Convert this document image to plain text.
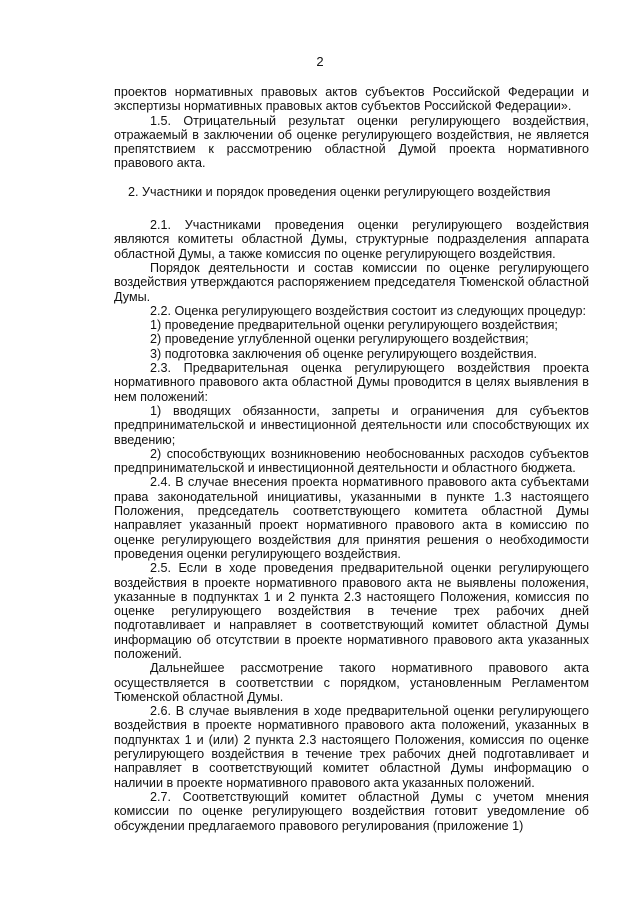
2

проектов нормативных правовых актов субъектов Российской Федерации и экспертизы нормативных правовых актов субъектов Российской Федерации».

1.5. Отрицательный результат оценки регулирующего воздействия, отражаемый в заключении об оценке регулирующего воздействия, не является препятствием к рассмотрению областной Думой проекта нормативного правового акта.

2. Участники и порядок проведения оценки регулирующего воздействия

2.1. Участниками проведения оценки регулирующего воздействия являются комитеты областной Думы, структурные подразделения аппарата областной Думы, а также комиссия по оценке регулирующего воздействия.

Порядок деятельности и состав комиссии по оценке регулирующего воздействия утверждаются распоряжением председателя Тюменской областной Думы.

2.2. Оценка регулирующего воздействия состоит из следующих процедур:

1) проведение предварительной оценки регулирующего воздействия;

2) проведение углубленной оценки регулирующего воздействия;

3) подготовка заключения об оценке регулирующего воздействия.

2.3. Предварительная оценка регулирующего воздействия проекта нормативного правового акта областной Думы проводится в целях выявления в нем положений:

1) вводящих обязанности, запреты и ограничения для субъектов предпринимательской и инвестиционной деятельности или способствующих их введению;

2) способствующих возникновению необоснованных расходов субъектов предпринимательской и инвестиционной деятельности и областного бюджета.

2.4. В случае внесения проекта нормативного правового акта субъектами права законодательной инициативы, указанными в пункте 1.3 настоящего Положения, председатель соответствующего комитета областной Думы направляет указанный проект нормативного правового акта в комиссию по оценке регулирующего воздействия для принятия решения о необходимости проведения оценки регулирующего воздействия.

2.5. Если в ходе проведения предварительной оценки регулирующего воздействия в проекте нормативного правового акта не выявлены положения, указанные в подпунктах 1 и 2 пункта 2.3 настоящего Положения, комиссия по оценке регулирующего воздействия в течение трех рабочих дней подготавливает и направляет в соответствующий комитет областной Думы информацию об отсутствии в проекте нормативного правового акта указанных положений.

Дальнейшее рассмотрение такого нормативного правового акта осуществляется в соответствии с порядком, установленным Регламентом Тюменской областной Думы.

2.6. В случае выявления в ходе предварительной оценки регулирующего воздействия в проекте нормативного правового акта положений, указанных в подпунктах 1 и (или) 2 пункта 2.3 настоящего Положения, комиссия по оценке регулирующего воздействия в течение трех рабочих дней подготавливает и направляет в соответствующий комитет областной Думы информацию о наличии в проекте нормативного правового акта указанных положений.

2.7. Соответствующий комитет областной Думы с учетом мнения комиссии по оценке регулирующего воздействия готовит уведомление об обсуждении предлагаемого правового регулирования (приложение 1)
